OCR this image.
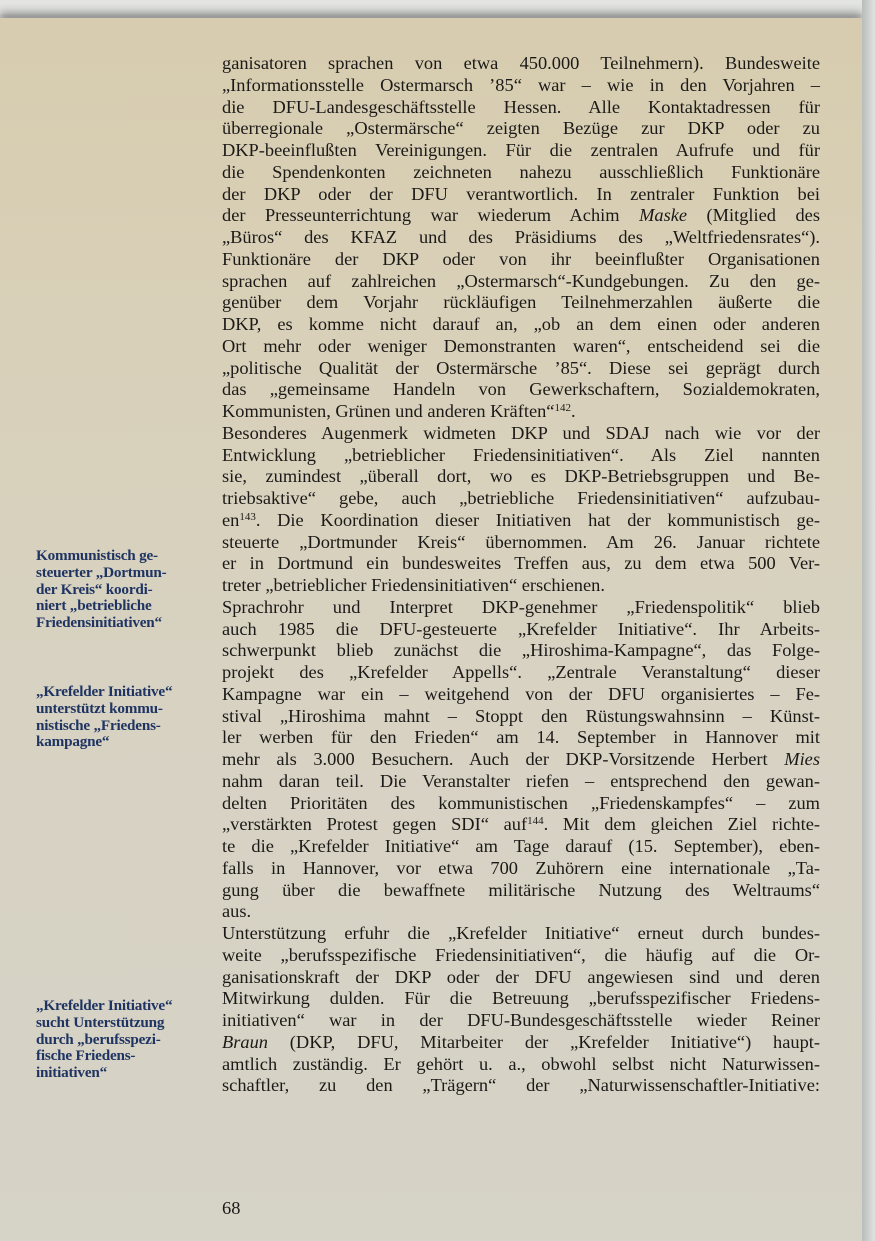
Kommunistisch ge-
steuerter „Dortmun-
der Kreis“ koordi-
niert „betriebliche
Friedensinitiativen“
„Krefelder Initiative“
unterstützt kommu-
nistische „Friedens-
kampagne“
„Krefelder Initiative“
sucht Unterstützung
durch „berufsspezi-
fische Friedens-
initiativen“
ganisatoren sprachen von etwa 450.000 Teilnehmern). Bundesweite
„Informationsstelle Ostermarsch ’85“ war – wie in den Vorjahren –
die DFU-Landesgeschäftsstelle Hessen. Alle Kontaktadressen für
überregionale „Ostermärsche“ zeigten Bezüge zur DKP oder zu
DKP-beeinflußten Vereinigungen. Für die zentralen Aufrufe und für
die Spendenkonten zeichneten nahezu ausschließlich Funktionäre
der DKP oder der DFU verantwortlich. In zentraler Funktion bei
der Presseunterrichtung war wiederum Achim Maske (Mitglied des
„Büros“ des KFAZ und des Präsidiums des „Weltfriedensrates“).
Funktionäre der DKP oder von ihr beeinflußter Organisationen
sprachen auf zahlreichen „Ostermarsch“-Kundgebungen. Zu den ge-
genüber dem Vorjahr rückläufigen Teilnehmerzahlen äußerte die
DKP, es komme nicht darauf an, „ob an dem einen oder anderen
Ort mehr oder weniger Demonstranten waren“, entscheidend sei die
„politische Qualität der Ostermärsche ’85“. Diese sei geprägt durch
das „gemeinsame Handeln von Gewerkschaftern, Sozialdemokraten,
Kommunisten, Grünen und anderen Kräften“$^{142}$.
Besonderes Augenmerk widmeten DKP und SDAJ nach wie vor der
Entwicklung „betrieblicher Friedensinitiativen“. Als Ziel nannten
sie, zumindest „überall dort, wo es DKP-Betriebsgruppen und Be-
triebsaktive“ gebe, auch „betriebliche Friedensinitiativen“ aufzubau-
$en^{143}$. Die Koordination dieser Initiativen hat der kommunistisch ge-
steuerte „Dortmunder Kreis“ übernommen. Am 26. Januar richtete
er in Dortmund ein bundesweites Treffen aus, zu dem etwa 500 Ver-
treter „betrieblicher Friedensinitiativen“ erschienen.
Sprachrohr und Interpret DKP-genehmer „Friedenspolitik“ blieb
auch 1985 die DFU-gesteuerte „Krefelder Initiative“. Ihr Arbeits-
schwerpunkt blieb zunächst die „Hiroshima-Kampagne“, das Folge-
projekt des „Krefelder Appells“. „Zentrale Veranstaltung“ dieser
Kampagne war ein – weitgehend von der DFU organisiertes – Fe-
stival „Hiroshima mahnt – Stoppt den Rüstungswahnsinn – Künst-
ler werben für den Frieden“ am 14. September in Hannover mit
mehr als 3.000 Besuchern. Auch der DKP-Vorsitzende Herbert Mies
nahm daran teil. Die Veranstalter riefen – entsprechend den gewan-
delten Prioritäten des kommunistischen „Friedenskampfes“ – zum
„verstärkten Protest gegen SDI“ auf$^{144}$. Mit dem gleichen Ziel richte-
te die „Krefelder Initiative“ am Tage darauf (15. September), eben-
falls in Hannover, vor etwa 700 Zuhörern eine internationale „Ta-
gung über die bewaffnete militärische Nutzung des Weltraums“
aus.
Unterstützung erfuhr die „Krefelder Initiative“ erneut durch bundes-
weite „berufsspezifische Friedensinitiativen“, die häufig auf die Or-
ganisationskraft der DKP oder der DFU angewiesen sind und deren
Mitwirkung dulden. Für die Betreuung „berufsspezifischer Friedens-
initiativen“ war in der DFU-Bundesgeschäftsstelle wieder Reiner
Braun (DKP, DFU, Mitarbeiter der „Krefelder Initiative“) haupt-
amtlich zuständig. Er gehört u. a., obwohl selbst nicht Naturwissen-
schaftler, zu den „Trägern“ der „Naturwissenschaftler-Initiative:
68
